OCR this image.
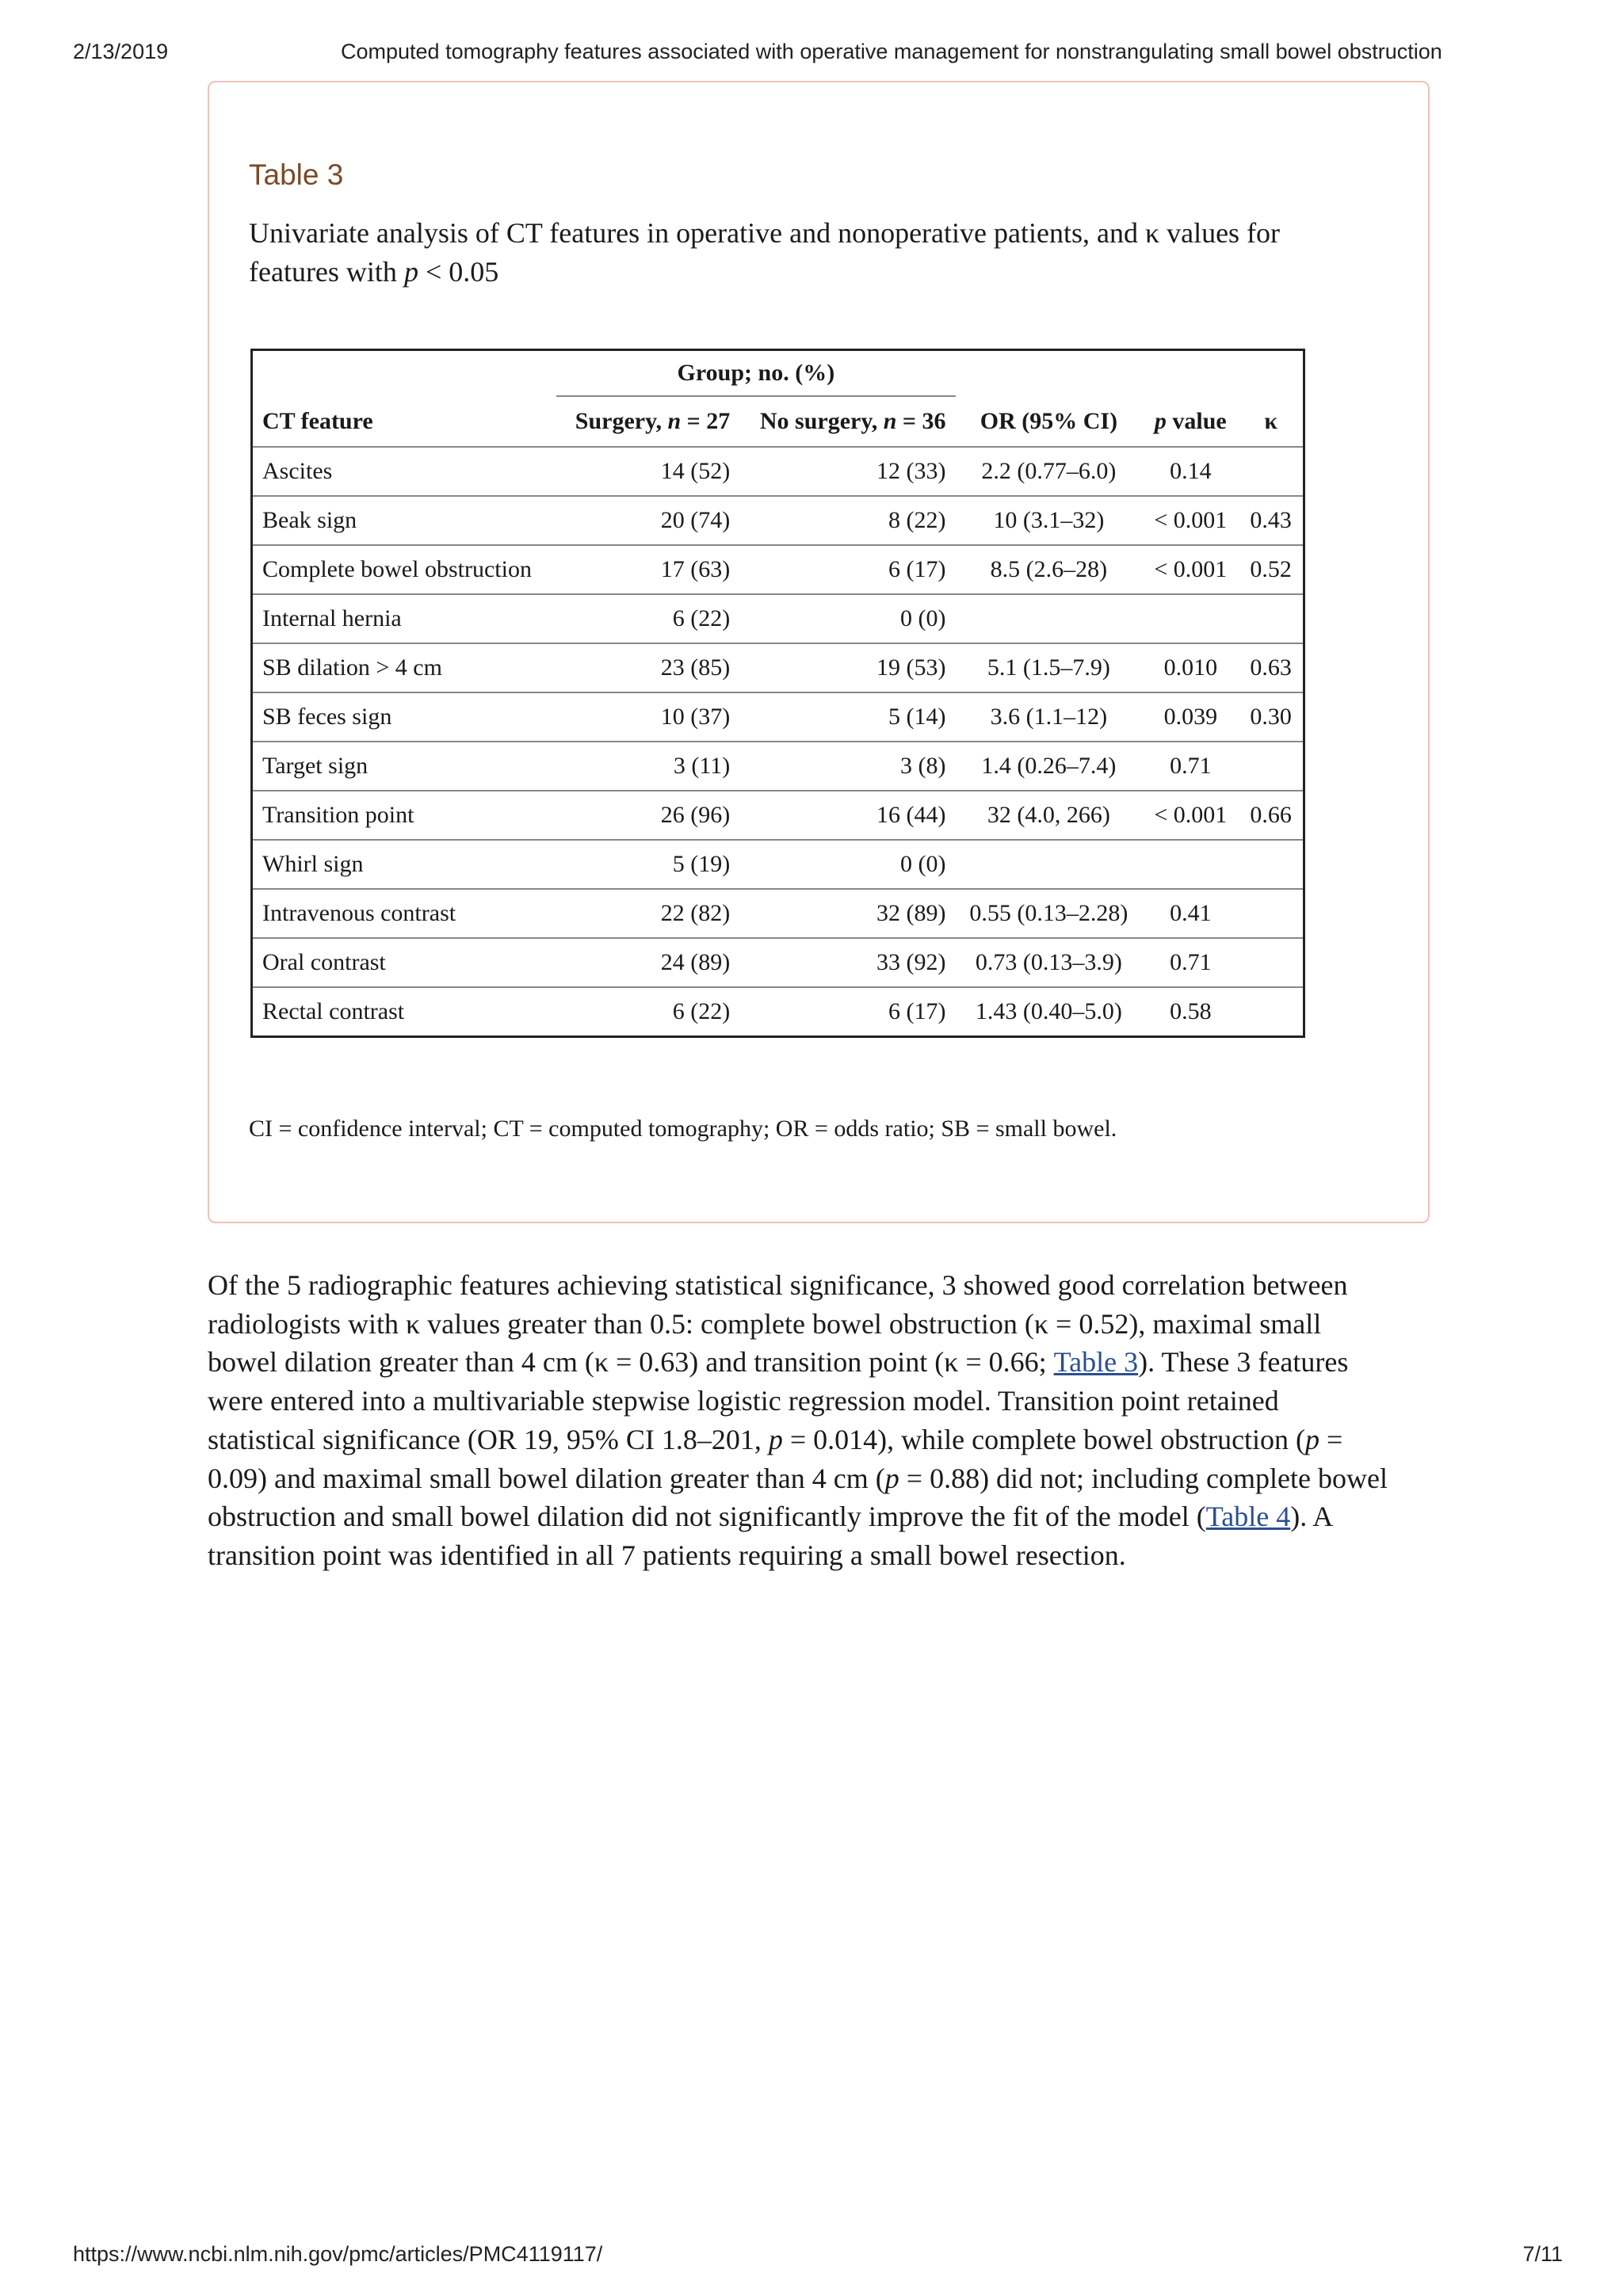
2/13/2019	Computed tomography features associated with operative management for nonstrangulating small bowel obstruction
Table 3
Univariate analysis of CT features in operative and nonoperative patients, and κ values for
features with p < 0.05
	Group; no. (%)				
CT feature	Surgery, n = 27	No surgery, n = 36	OR (95% CI)	p value	κ
Ascites	14 (52)	12 (33)	2.2 (0.77–6.0)	0.14	
Beak sign	20 (74)	8 (22)	10 (3.1–32)	< 0.001	0.43
Complete bowel obstruction	17 (63)	6 (17)	8.5 (2.6–28)	< 0.001	0.52
Internal hernia	6 (22)	0 (0)			
SB dilation > 4 cm	23 (85)	19 (53)	5.1 (1.5–7.9)	0.010	0.63
SB feces sign	10 (37)	5 (14)	3.6 (1.1–12)	0.039	0.30
Target sign	3 (11)	3 (8)	1.4 (0.26–7.4)	0.71	
Transition point	26 (96)	16 (44)	32 (4.0, 266)	< 0.001	0.66
Whirl sign	5 (19)	0 (0)			
Intravenous contrast	22 (82)	32 (89)	0.55 (0.13–2.28)	0.41	
Oral contrast	24 (89)	33 (92)	0.73 (0.13–3.9)	0.71	
Rectal contrast	6 (22)	6 (17)	1.43 (0.40–5.0)	0.58	
CI = confidence interval; CT = computed tomography; OR = odds ratio; SB = small bowel.
Of the 5 radiographic features achieving statistical significance, 3 showed good correlation between
radiologists with κ values greater than 0.5: complete bowel obstruction (κ = 0.52), maximal small
bowel dilation greater than 4 cm (κ = 0.63) and transition point (κ = 0.66; Table 3). These 3 features
were entered into a multivariable stepwise logistic regression model. Transition point retained
statistical significance (OR 19, 95% CI 1.8–201, p = 0.014), while complete bowel obstruction (p =
0.09) and maximal small bowel dilation greater than 4 cm (p = 0.88) did not; including complete bowel
obstruction and small bowel dilation did not significantly improve the fit of the model (Table 4). A
transition point was identified in all 7 patients requiring a small bowel resection.
https://www.ncbi.nlm.nih.gov/pmc/articles/PMC4119117/	7/11
